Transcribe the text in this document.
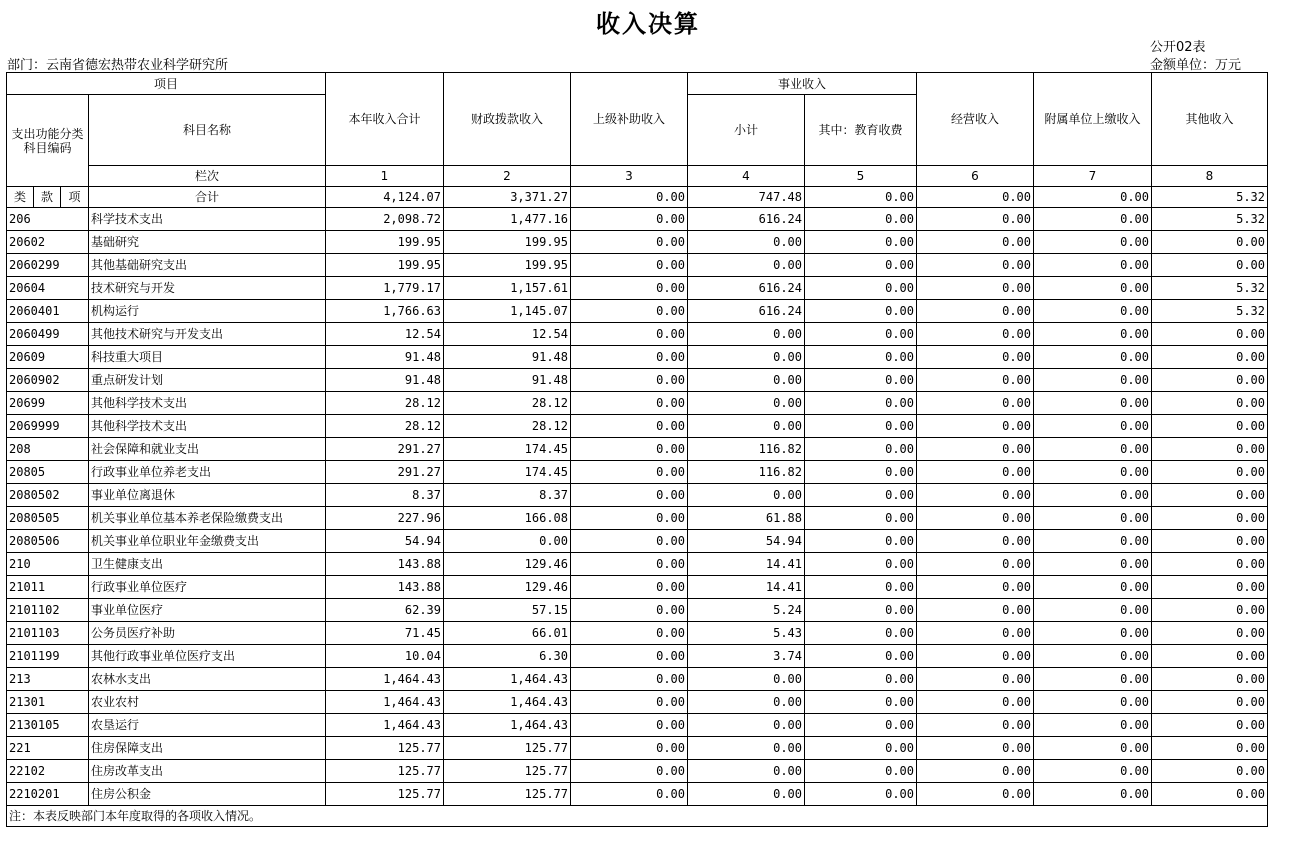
收入决算
公开02表
部门：云南省德宏热带农业科学研究所	金额单位：万元
项目				本年收入合计	财政拨款收入	上级补助收入	事业收入		经营收入	附属单位上缴收入	其他收入
支出功能分类科目编码			科目名称				小计	其中：教育收费			
			栏次	1	2	3	4	5	6	7	8
类	款	项	合计	4,124.07	3,371.27	0.00	747.48	0.00	0.00	0.00	5.32
206			科学技术支出	2,098.72	1,477.16	0.00	616.24	0.00	0.00	0.00	5.32
20602			基础研究	199.95	199.95	0.00	0.00	0.00	0.00	0.00	0.00
2060299			其他基础研究支出	199.95	199.95	0.00	0.00	0.00	0.00	0.00	0.00
20604			技术研究与开发	1,779.17	1,157.61	0.00	616.24	0.00	0.00	0.00	5.32
2060401			机构运行	1,766.63	1,145.07	0.00	616.24	0.00	0.00	0.00	5.32
2060499			其他技术研究与开发支出	12.54	12.54	0.00	0.00	0.00	0.00	0.00	0.00
20609			科技重大项目	91.48	91.48	0.00	0.00	0.00	0.00	0.00	0.00
2060902			重点研发计划	91.48	91.48	0.00	0.00	0.00	0.00	0.00	0.00
20699			其他科学技术支出	28.12	28.12	0.00	0.00	0.00	0.00	0.00	0.00
2069999			其他科学技术支出	28.12	28.12	0.00	0.00	0.00	0.00	0.00	0.00
208			社会保障和就业支出	291.27	174.45	0.00	116.82	0.00	0.00	0.00	0.00
20805			行政事业单位养老支出	291.27	174.45	0.00	116.82	0.00	0.00	0.00	0.00
2080502			事业单位离退休	8.37	8.37	0.00	0.00	0.00	0.00	0.00	0.00
2080505			机关事业单位基本养老保险缴费支出	227.96	166.08	0.00	61.88	0.00	0.00	0.00	0.00
2080506			机关事业单位职业年金缴费支出	54.94	0.00	0.00	54.94	0.00	0.00	0.00	0.00
210			卫生健康支出	143.88	129.46	0.00	14.41	0.00	0.00	0.00	0.00
21011			行政事业单位医疗	143.88	129.46	0.00	14.41	0.00	0.00	0.00	0.00
2101102			事业单位医疗	62.39	57.15	0.00	5.24	0.00	0.00	0.00	0.00
2101103			公务员医疗补助	71.45	66.01	0.00	5.43	0.00	0.00	0.00	0.00
2101199			其他行政事业单位医疗支出	10.04	6.30	0.00	3.74	0.00	0.00	0.00	0.00
213			农林水支出	1,464.43	1,464.43	0.00	0.00	0.00	0.00	0.00	0.00
21301			农业农村	1,464.43	1,464.43	0.00	0.00	0.00	0.00	0.00	0.00
2130105			农垦运行	1,464.43	1,464.43	0.00	0.00	0.00	0.00	0.00	0.00
221			住房保障支出	125.77	125.77	0.00	0.00	0.00	0.00	0.00	0.00
22102			住房改革支出	125.77	125.77	0.00	0.00	0.00	0.00	0.00	0.00
2210201			住房公积金	125.77	125.77	0.00	0.00	0.00	0.00	0.00	0.00
注：本表反映部门本年度取得的各项收入情况。											
